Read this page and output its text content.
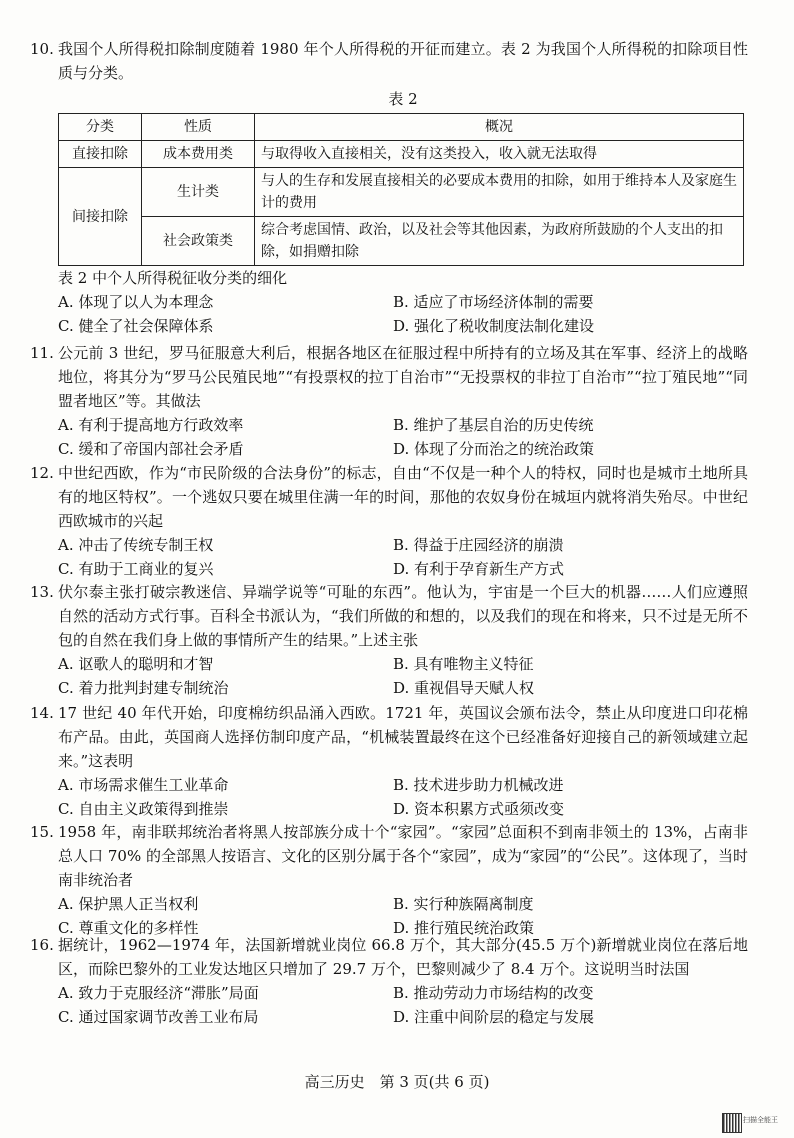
10. 我国个人所得税扣除制度随着 1980 年个人所得税的开征而建立。表 2 为我国个人所得税的扣除项目性质与分类。

表 2
分类	性质	概况
直接扣除	成本费用类	与取得收入直接相关，没有这类投入，收入就无法取得
间接扣除	生计类	与人的生存和发展直接相关的必要成本费用的扣除，如用于维持本人及家庭生计的费用
	社会政策类	综合考虑国情、政治，以及社会等其他因素，为政府所鼓励的个人支出的扣除，如捐赠扣除
表 2 中个人所得税征收分类的细化
A. 体现了以人为本理念	B. 适应了市场经济体制的需要
C. 健全了社会保障体系	D. 强化了税收制度法制化建设
11. 公元前 3 世纪，罗马征服意大利后，根据各地区在征服过程中所持有的立场及其在军事、经济上的战略地位，将其分为“罗马公民殖民地”“有投票权的拉丁自治市”“无投票权的非拉丁自治市”“拉丁殖民地”“同盟者地区”等。其做法

A. 有利于提高地方行政效率	B. 维护了基层自治的历史传统
C. 缓和了帝国内部社会矛盾	D. 体现了分而治之的统治政策
12. 中世纪西欧，作为“市民阶级的合法身份”的标志，自由“不仅是一种个人的特权，同时也是城市土地所具有的地区特权”。一个逃奴只要在城里住满一年的时间，那他的农奴身份在城垣内就将消失殆尽。中世纪西欧城市的兴起

A. 冲击了传统专制王权	B. 得益于庄园经济的崩溃
C. 有助于工商业的复兴	D. 有利于孕育新生产方式
13. 伏尔泰主张打破宗教迷信、异端学说等“可耻的东西”。他认为，宇宙是一个巨大的机器……人们应遵照自然的活动方式行事。百科全书派认为，“我们所做的和想的，以及我们的现在和将来，只不过是无所不包的自然在我们身上做的事情所产生的结果。”上述主张

A. 讴歌人的聪明和才智	B. 具有唯物主义特征
C. 着力批判封建专制统治	D. 重视倡导天赋人权
14. 17 世纪 40 年代开始，印度棉纺织品涌入西欧。1721 年，英国议会颁布法令，禁止从印度进口印花棉布产品。由此，英国商人选择仿制印度产品，“机械装置最终在这个已经准备好迎接自己的新领域建立起来。”这表明

A. 市场需求催生工业革命	B. 技术进步助力机械改进
C. 自由主义政策得到推崇	D. 资本积累方式亟须改变
15. 1958 年，南非联邦统治者将黑人按部族分成十个“家园”。“家园”总面积不到南非领土的 13%，占南非总人口 70% 的全部黑人按语言、文化的区别分属于各个“家园”，成为“家园”的“公民”。这体现了，当时南非统治者

A. 保护黑人正当权利	B. 实行种族隔离制度
C. 尊重文化的多样性	D. 推行殖民统治政策
16. 据统计，1962—1974 年，法国新增就业岗位 66.8 万个，其大部分(45.5 万个)新增就业岗位在落后地区，而除巴黎外的工业发达地区只增加了 29.7 万个，巴黎则减少了 8.4 万个。这说明当时法国

A. 致力于克服经济“滞胀”局面	B. 推动劳动力市场结构的改变
C. 通过国家调节改善工业布局	D. 注重中间阶层的稳定与发展
高三历史　第 3 页(共 6 页)
扫描全能王
